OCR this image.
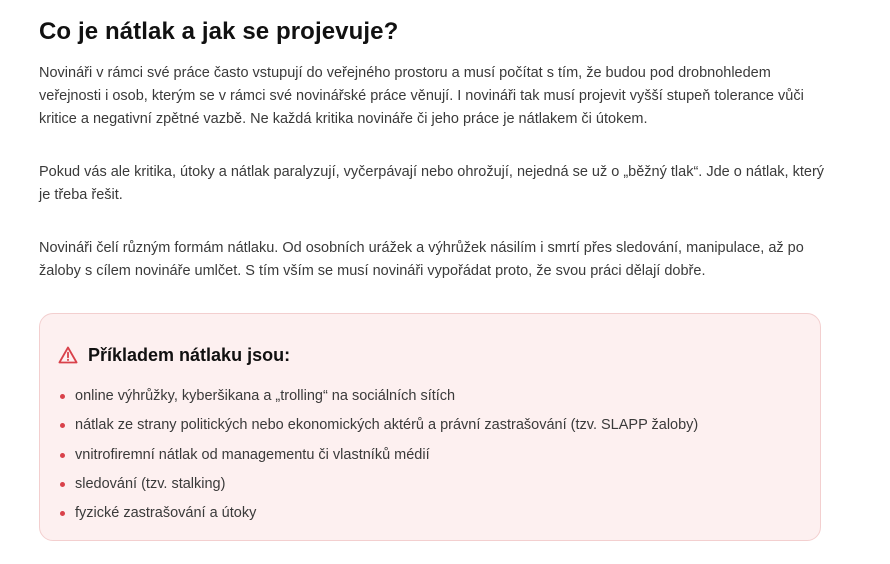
Co je nátlak a jak se projevuje?

Novináři v rámci své práce často vstupují do veřejného prostoru a musí počítat s tím, že budou pod drobnohledem veřejnosti i osob, kterým se v rámci své novinářské práce věnují. I novináři tak musí projevit vyšší stupeň tolerance vůči kritice a negativní zpětné vazbě. Ne každá kritika novináře či jeho práce je nátlakem či útokem.

Pokud vás ale kritika, útoky a nátlak paralyzují, vyčerpávají nebo ohrožují, nejedná se už o „běžný tlak“. Jde o nátlak, který je třeba řešit.

Novináři čelí různým formám nátlaku. Od osobních urážek a výhrůžek násilím i smrtí přes sledování, manipulace, až po žaloby s cílem novináře umlčet. S tím vším se musí novináři vypořádat proto, že svou práci dělají dobře.

Příkladem nátlaku jsou:
online výhrůžky, kyberšikana a „trolling“ na sociálních sítích
nátlak ze strany politických nebo ekonomických aktérů a právní zastrašování (tzv. SLAPP žaloby)
vnitrofiremní nátlak od managementu či vlastníků médií
sledování (tzv. stalking)
fyzické zastrašování a útoky
